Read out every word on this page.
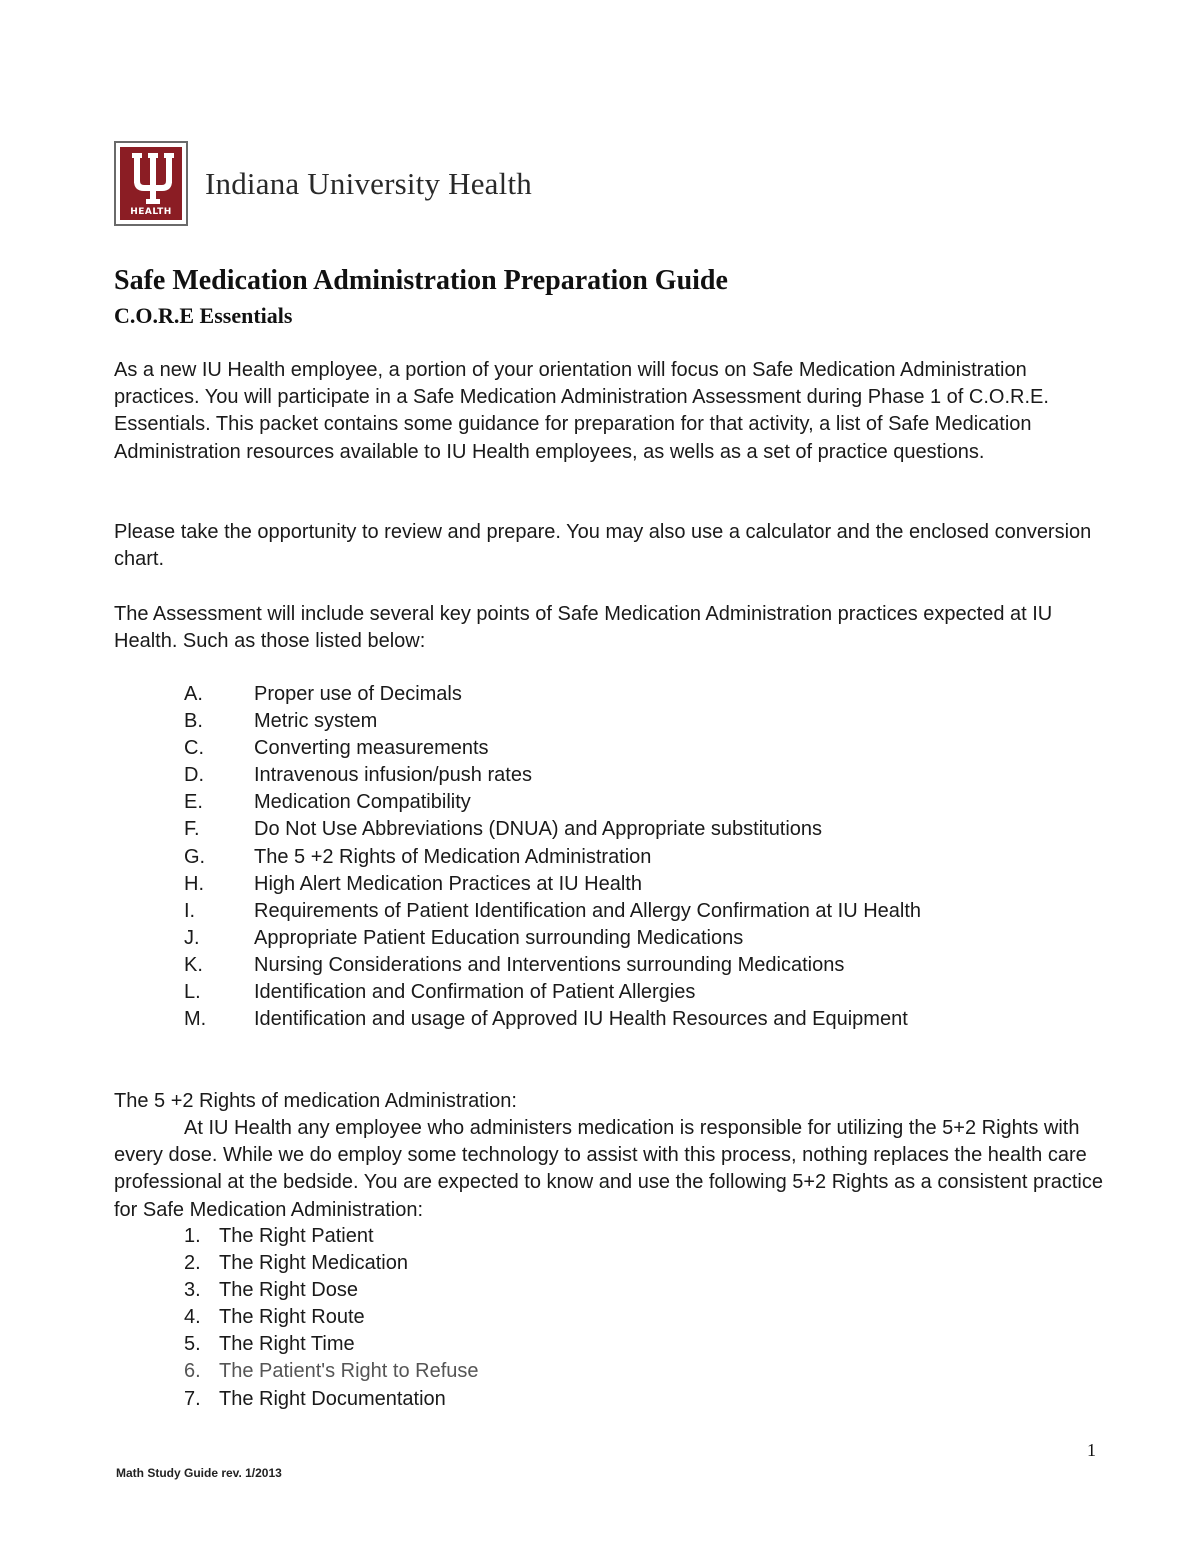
HEALTH
Indiana University Health
Safe Medication Administration Preparation Guide
C.O.R.E Essentials

As a new IU Health employee, a portion of your orientation will focus on Safe Medication Administration practices. You will participate in a Safe Medication Administration Assessment during Phase 1 of C.O.R.E. Essentials. This packet contains some guidance for preparation for that activity, a list of Safe Medication Administration resources available to IU Health employees, as wells as a set of practice questions.

Please take the opportunity to review and prepare. You may also use a calculator and the enclosed conversion chart.

The Assessment will include several key points of Safe Medication Administration practices expected at IU Health. Such as those listed below:

A.	Proper use of Decimals
B.	Metric system
C.	Converting measurements
D.	Intravenous infusion/push rates
E.	Medication Compatibility
F.	Do Not Use Abbreviations (DNUA) and Appropriate substitutions
G. The 5 +2 Rights of Medication Administration
H.	High Alert Medication Practices at IU Health
I.	Requirements of Patient Identification and Allergy Confirmation at IU Health
J.	Appropriate Patient Education surrounding Medications
K.	Nursing Considerations and Interventions surrounding Medications
L.	Identification and Confirmation of Patient Allergies
M. Identification and usage of Approved IU Health Resources and Equipment

The 5 +2 Rights of medication Administration:

At IU Health any employee who administers medication is responsible for utilizing the 5+2 Rights with every dose. While we do employ some technology to assist with this process, nothing replaces the health care professional at the bedside. You are expected to know and use the following 5+2 Rights as a consistent practice for Safe Medication Administration:

1. The Right Patient
2. The Right Medication
3. The Right Dose
4. The Right Route
5. The Right Time
6. The Patient's Right to Refuse
7. The Right Documentation
1
Math Study Guide rev. 1/2013
